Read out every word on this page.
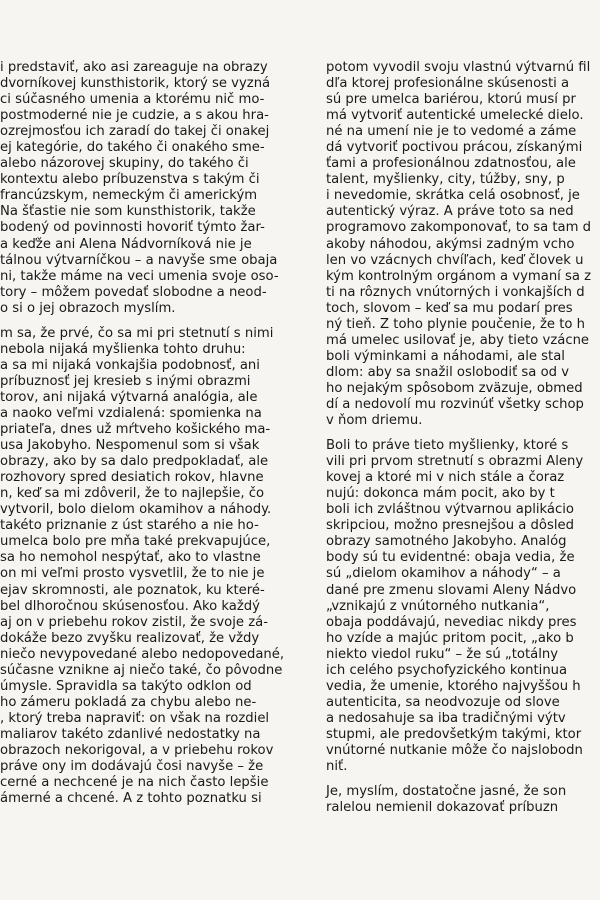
i predstaviť, ako asi zareaguje na obrazy
dvorníkovej kunsthistorik, ktorý se vyzná
ci súčasného umenia a ktorému nič mo-
postmoderné nie je cudzie, a s akou hra-
ozrejmosťou ich zaradí do takej či onakej
ej kategórie, do takého či onakého sme-
alebo názorovej skupiny, do takého či
kontextu alebo príbuzenstva s takým či
francúzskym, nemeckým či americkým
Na šťastie nie som kunsthistorik, takže
bodený od povinnosti hovoriť týmto žar-
a keďže ani Alena Nádvorníková nie je
tálnou výtvarníčkou – a navyše sme obaja
ni, takže máme na veci umenia svoje oso-
tory – môžem povedať slobodne a neod-
o si o jej obrazoch myslím.
m sa, že prvé, čo sa mi pri stetnutí s nimi
nebola nijaká myšlienka tohto druhu:
a sa mi nijaká vonkajšia podobnosť, ani
príbuznosť jej kresieb s inými obrazmi
torov, ani nijaká výtvarná analógia, ale
a naoko veľmi vzdialená: spomienka na
priateľa, dnes už mŕtveho košického ma-
usa Jakobyho. Nespomenul som si však
obrazy, ako by sa dalo predpokladať, ale
rozhovory spred desiatich rokov, hlavne
n, keď sa mi zdôveril, že to najlepšie, čo
vytvoril, bolo dielom okamihov a náhody.
takéto priznanie z úst starého a nie ho-
umelca bolo pre mňa také prekvapujúce,
sa ho nemohol nespýtať, ako to vlastne
on mi veľmi prosto vysvetlil, že to nie je
ejav skromnosti, ale poznatok, ku které-
bel dlhoročnou skúsenosťou. Ako každý
aj on v priebehu rokov zistil, že svoje zá-
dokáže bezo zvyšku realizovať, že vždy
niečo nevypovedané alebo nedopovedané,
súčasne vznikne aj niečo také, čo pôvodne
úmysle. Spravidla sa takýto odklon od
ho zámeru pokladá za chybu alebo ne-
, ktorý treba napraviť: on však na rozdiel
maliarov takéto zdanlivé nedostatky na
obrazoch nekorigoval, a v priebehu rokov
práve ony im dodávajú čosi navyše – že
cerné a nechcené je na nich často lepšie
ámerné a chcené. A z tohto poznatku si
potom vyvodil svoju vlastnú výtvarnú fil
dľa ktorej profesionálne skúsenosti a
sú pre umelca bariérou, ktorú musí pr
má vytvoriť autentické umelecké dielo.
né na umení nie je to vedomé a záme
dá vytvoriť poctivou prácou, získanými
ťami a profesionálnou zdatnosťou, ale
talent, myšlienky, city, túžby, sny, p
i nevedomie, skrátka celá osobnosť, je
autentický výraz. A práve toto sa ned
programovo zakomponovať, to sa tam d
akoby náhodou, akýmsi zadným vcho
len vo vzácnych chvíľach, keď človek u
kým kontrolným orgánom a vymaní sa z
ti na rôznych vnútorných i vonkajších d
toch, slovom – keď sa mu podarí pres
ný tieň. Z toho plynie poučenie, že to h
má umelec usilovať je, aby tieto vzácne
boli výminkami a náhodami, ale stal
dlom: aby sa snažil oslobodiť sa od v
ho nejakým spôsobom zväzuje, obmed
dí a nedovolí mu rozvinúť všetky schop
v ňom driemu.
Boli to práve tieto myšlienky, ktoré s
vili pri prvom stretnutí s obrazmi Aleny
kovej a ktoré mi v nich stále a čoraz
nujú: dokonca mám pocit, ako by t
boli ich zvláštnou výtvarnou aplikácio
skripciou, možno presnejšou a dôsled
obrazy samotného Jakobyho. Analóg
body sú tu evidentné: obaja vedia, že
sú „dielom okamihov a náhody“ – a
dané pre zmenu slovami Aleny Nádvo
„vznikajú z vnútorného nutkania“,
obaja poddávajú, nevediac nikdy pres
ho vzíde a majúc pritom pocit, „ako b
niekto viedol ruku“ – že sú „totálny
ich celého psychofyzického kontinua
vedia, že umenie, ktorého najvyššou h
autenticita, sa neodvozuje od slove
a nedosahuje sa iba tradičnými výtv
stupmi, ale predovšetkým takými, ktor
vnútorné nutkanie môže čo najslobodn
niť.
Je, myslím, dostatočne jasné, že son
ralelou nemienil dokazovať príbuzn
